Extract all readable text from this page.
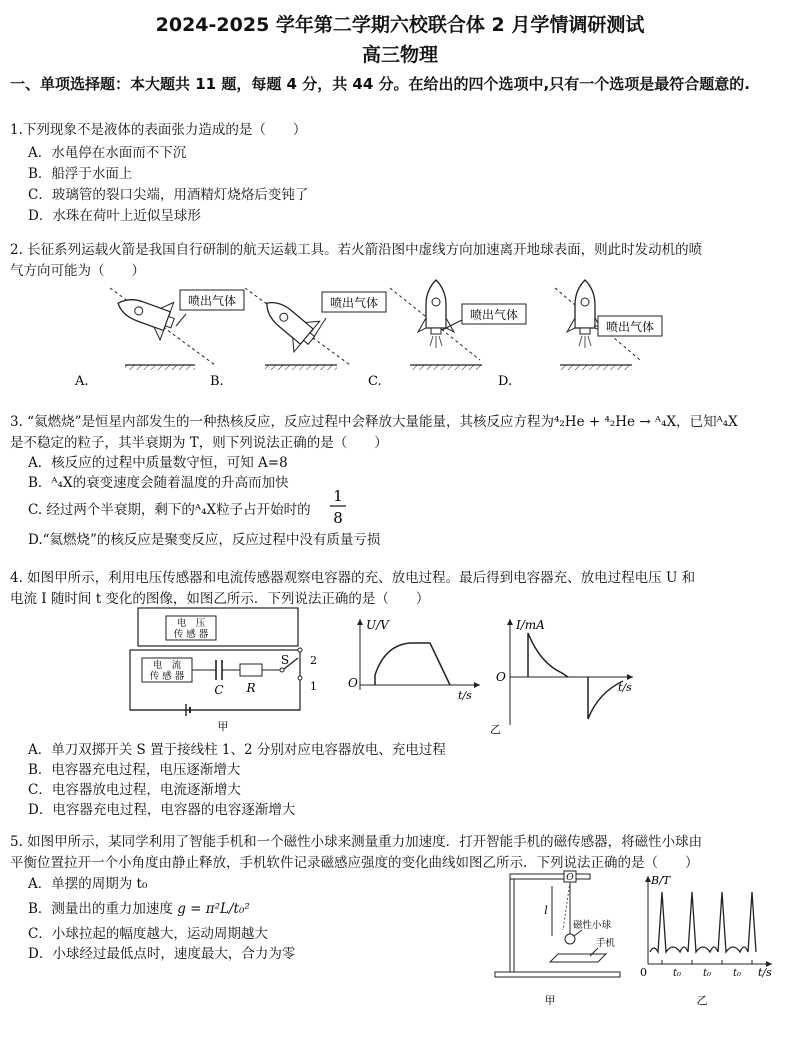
2024-2025 学年第二学期六校联合体 2 月学情调研测试
高三物理
一、单项选择题：本大题共 11 题，每题 4 分，共 44 分。在给出的四个选项中,只有一个选项是最符合题意的.
1.下列现象不是液体的表面张力造成的是（　　）
A．水黾停在水面而不下沉
B．船浮于水面上
C．玻璃管的裂口尖端，用酒精灯烧烙后变钝了
D．水珠在荷叶上近似呈球形
2. 长征系列运载火箭是我国自行研制的航天运载工具。若火箭沿图中虚线方向加速离开地球表面，则此时发动机的喷
气方向可能为（　　）
喷出气体	喷出气体
喷出气体
喷出气体
A.	B.	C.	D.
3. “氦燃烧”是恒星内部发生的一种热核反应，反应过程中会释放大量能量，其核反应方程为⁴₂He + ⁴₂He → ᴬ₄X，已知ᴬ₄X
是不稳定的粒子，其半衰期为 T，则下列说法正确的是（　　）
A．核反应的过程中质量数守恒，可知 A=8
B．ᴬ₄X的衰变速度会随着温度的升高而加快
C. 经过两个半衰期，剩下的ᴬ₄X粒子占开始时的
1
8
D.“氦燃烧”的核反应是聚变反应，反应过程中没有质量亏损
4. 如图甲所示，利用电压传感器和电流传感器观察电容器的充、放电过程。最后得到电容器充、放电过程电压 U 和
电流 I 随时间 t 变化的图像，如图乙所示．下列说法正确的是（　　）
电　压
传 感 器
电　流
传 感 器
C R
S 2
1
甲
U/V
O
t/s
I/mA
O
t/s
乙
A．单刀双掷开关 S 置于接线柱 1、2 分别对应电容器放电、充电过程
B．电容器充电过程，电压逐渐增大
C．电容器放电过程，电流逐渐增大
D．电容器充电过程，电容器的电容逐渐增大
5. 如图甲所示，某同学利用了智能手机和一个磁性小球来测量重力加速度．打开智能手机的磁传感器，将磁性小球由
平衡位置拉开一个小角度由静止释放，手机软件记录磁感应强度的变化曲线如图乙所示．下列说法正确的是（　　）
A．单摆的周期为 t₀
B．测量出的重力加速度 g = π²L/t₀²
C．小球拉起的幅度越大，运动周期越大
D．小球经过最低点时，速度最大，合力为零
O
l
磁性小球
手机
甲
B/T
0	t₀ t₀ t₀ t/s
乙
